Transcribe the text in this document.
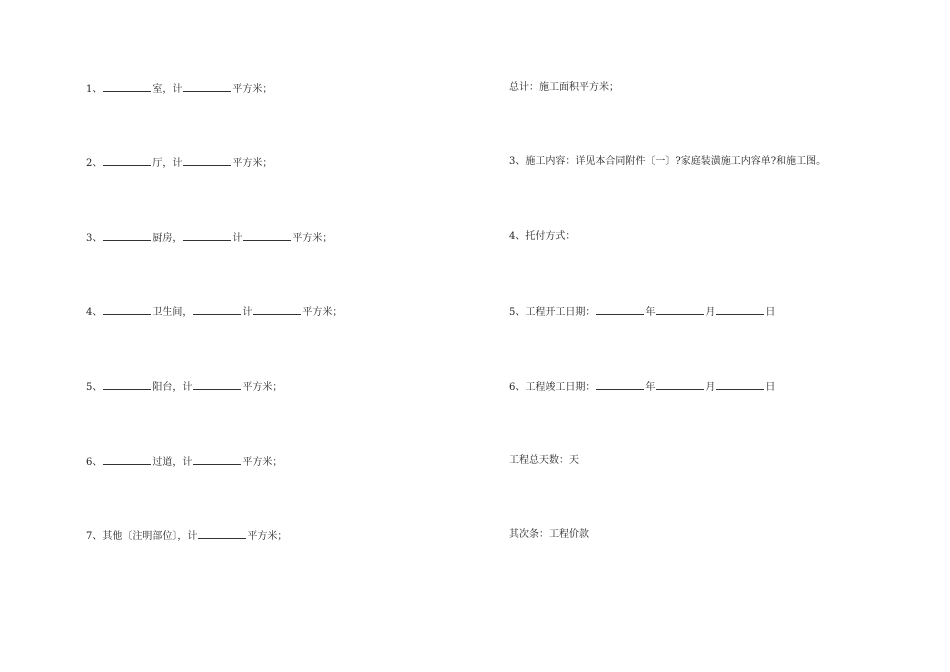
1、	室，计	平方米；
2、	厅，计	平方米；
3、	厨房，	计	平方米；
4、	卫生间，	计	平方米；
5、	阳台，计	平方米；
6、	过道，计	平方米；
7、其他〔注明部位〕，计	平方米；
总计：施工面积平方米；
3、施工内容：详见本合同附件〔一〕?家庭装潢施工内容单?和施工图。
4、托付方式：
5、工程开工日期：	年	月	日
6、工程竣工日期：	年	月	日
工程总天数：天
其次条：工程价款
